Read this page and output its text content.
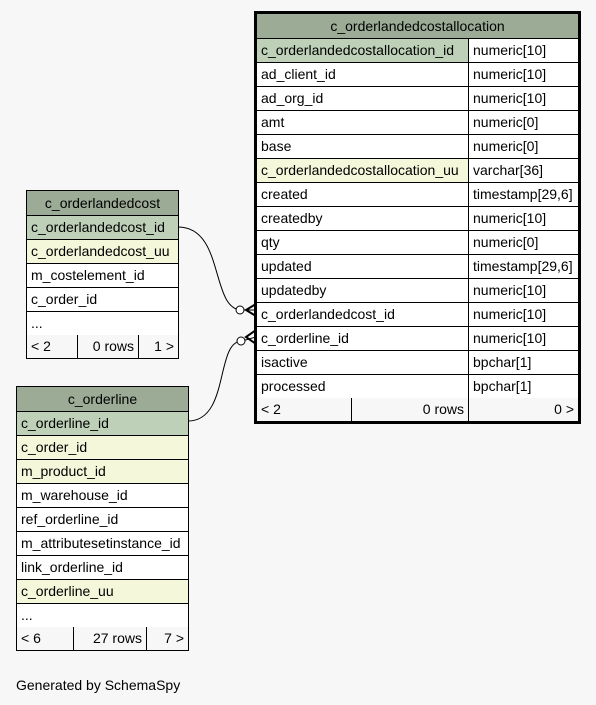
c_orderlandedcostallocation
c_orderlandedcostallocation_id	numeric[10]
ad_client_id	numeric[10]
ad_org_id	numeric[10]
amt	numeric[0]
base	numeric[0]
c_orderlandedcostallocation_uu	varchar[36]
created	timestamp[29,6]
createdby	numeric[10]
qty	numeric[0]
updated	timestamp[29,6]
updatedby	numeric[10]
c_orderlandedcost_id	numeric[10]
c_orderline_id	numeric[10]
isactive	bpchar[1]
processed	bpchar[1]
< 2	0 rows	0 >
c_orderlandedcost
c_orderlandedcost_id
c_orderlandedcost_uu
m_costelement_id
c_order_id
...
< 2	0 rows	1 >
c_orderline
c_orderline_id
c_order_id
m_product_id
m_warehouse_id
ref_orderline_id
m_attributesetinstance_id
link_orderline_id
c_orderline_uu
...
< 6	27 rows	7 >
Generated by SchemaSpy
